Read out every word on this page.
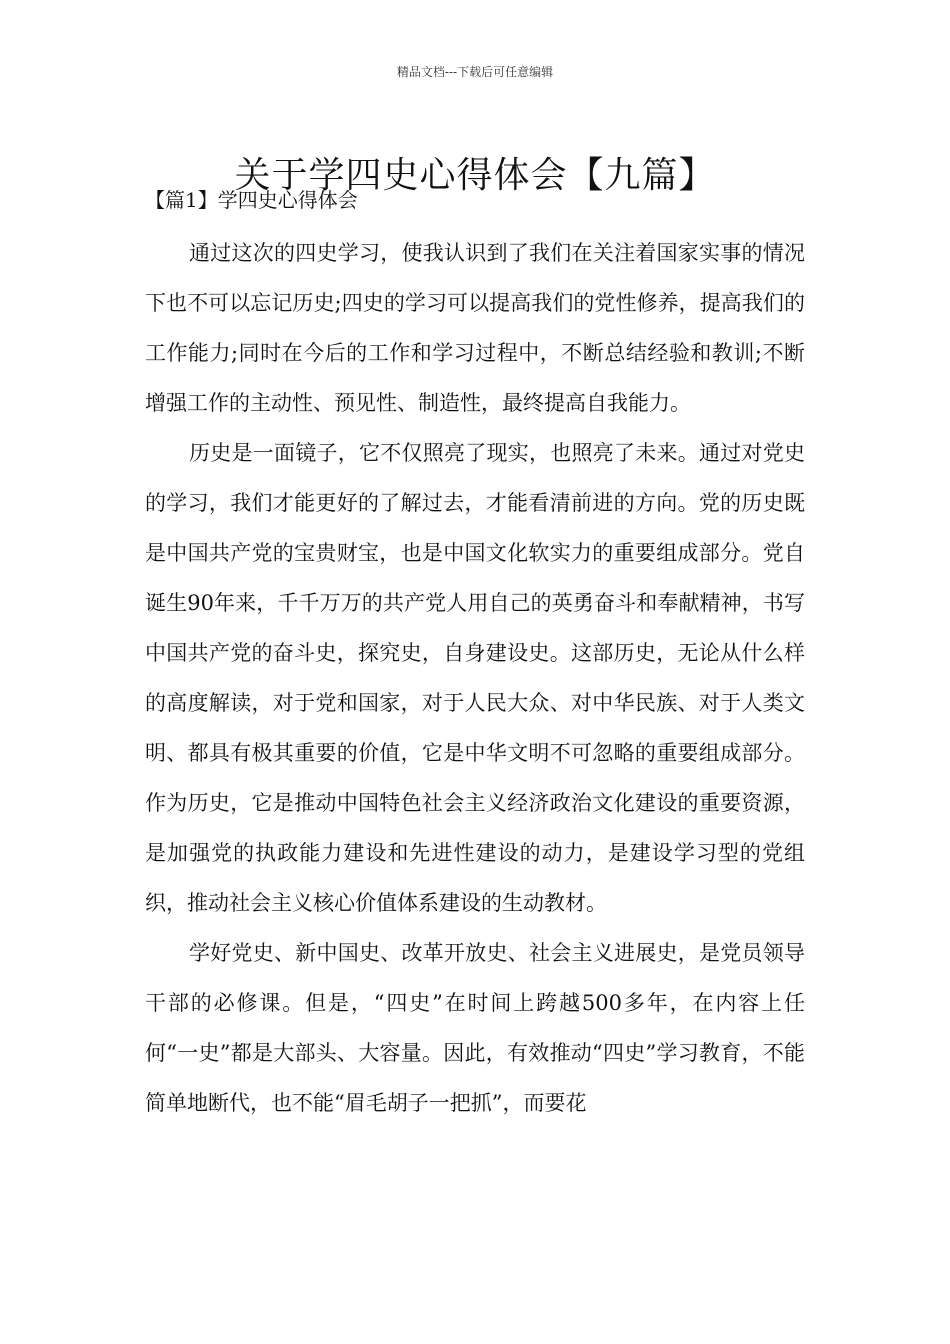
精品文档---下载后可任意编辑
关于学四史心得体会【九篇】
【篇1】学四史心得体会

通过这次的四史学习，使我认识到了我们在关注着国家实事的情况下也不可以忘记历史;四史的学习可以提高我们的党性修养，提高我们的工作能力;同时在今后的工作和学习过程中，不断总结经验和教训;不断增强工作的主动性、预见性、制造性，最终提高自我能力。

历史是一面镜子，它不仅照亮了现实，也照亮了未来。通过对党史的学习，我们才能更好的了解过去，才能看清前进的方向。党的历史既是中国共产党的宝贵财宝，也是中国文化软实力的重要组成部分。党自诞生90年来，千千万万的共产党人用自己的英勇奋斗和奉献精神，书写中国共产党的奋斗史，探究史，自身建设史。这部历史，无论从什么样的高度解读，对于党和国家，对于人民大众、对中华民族、对于人类文明、都具有极其重要的价值，它是中华文明不可忽略的重要组成部分。作为历史，它是推动中国特色社会主义经济政治文化建设的重要资源，是加强党的执政能力建设和先进性建设的动力，是建设学习型的党组织，推动社会主义核心价值体系建设的生动教材。

学好党史、新中国史、改革开放史、社会主义进展史，是党员领导干部的必修课。但是，“四史”在时间上跨越500多年，在内容上任何“一史”都是大部头、大容量。因此，有效推动“四史”学习教育，不能简单地断代，也不能“眉毛胡子一把抓”，而要花
